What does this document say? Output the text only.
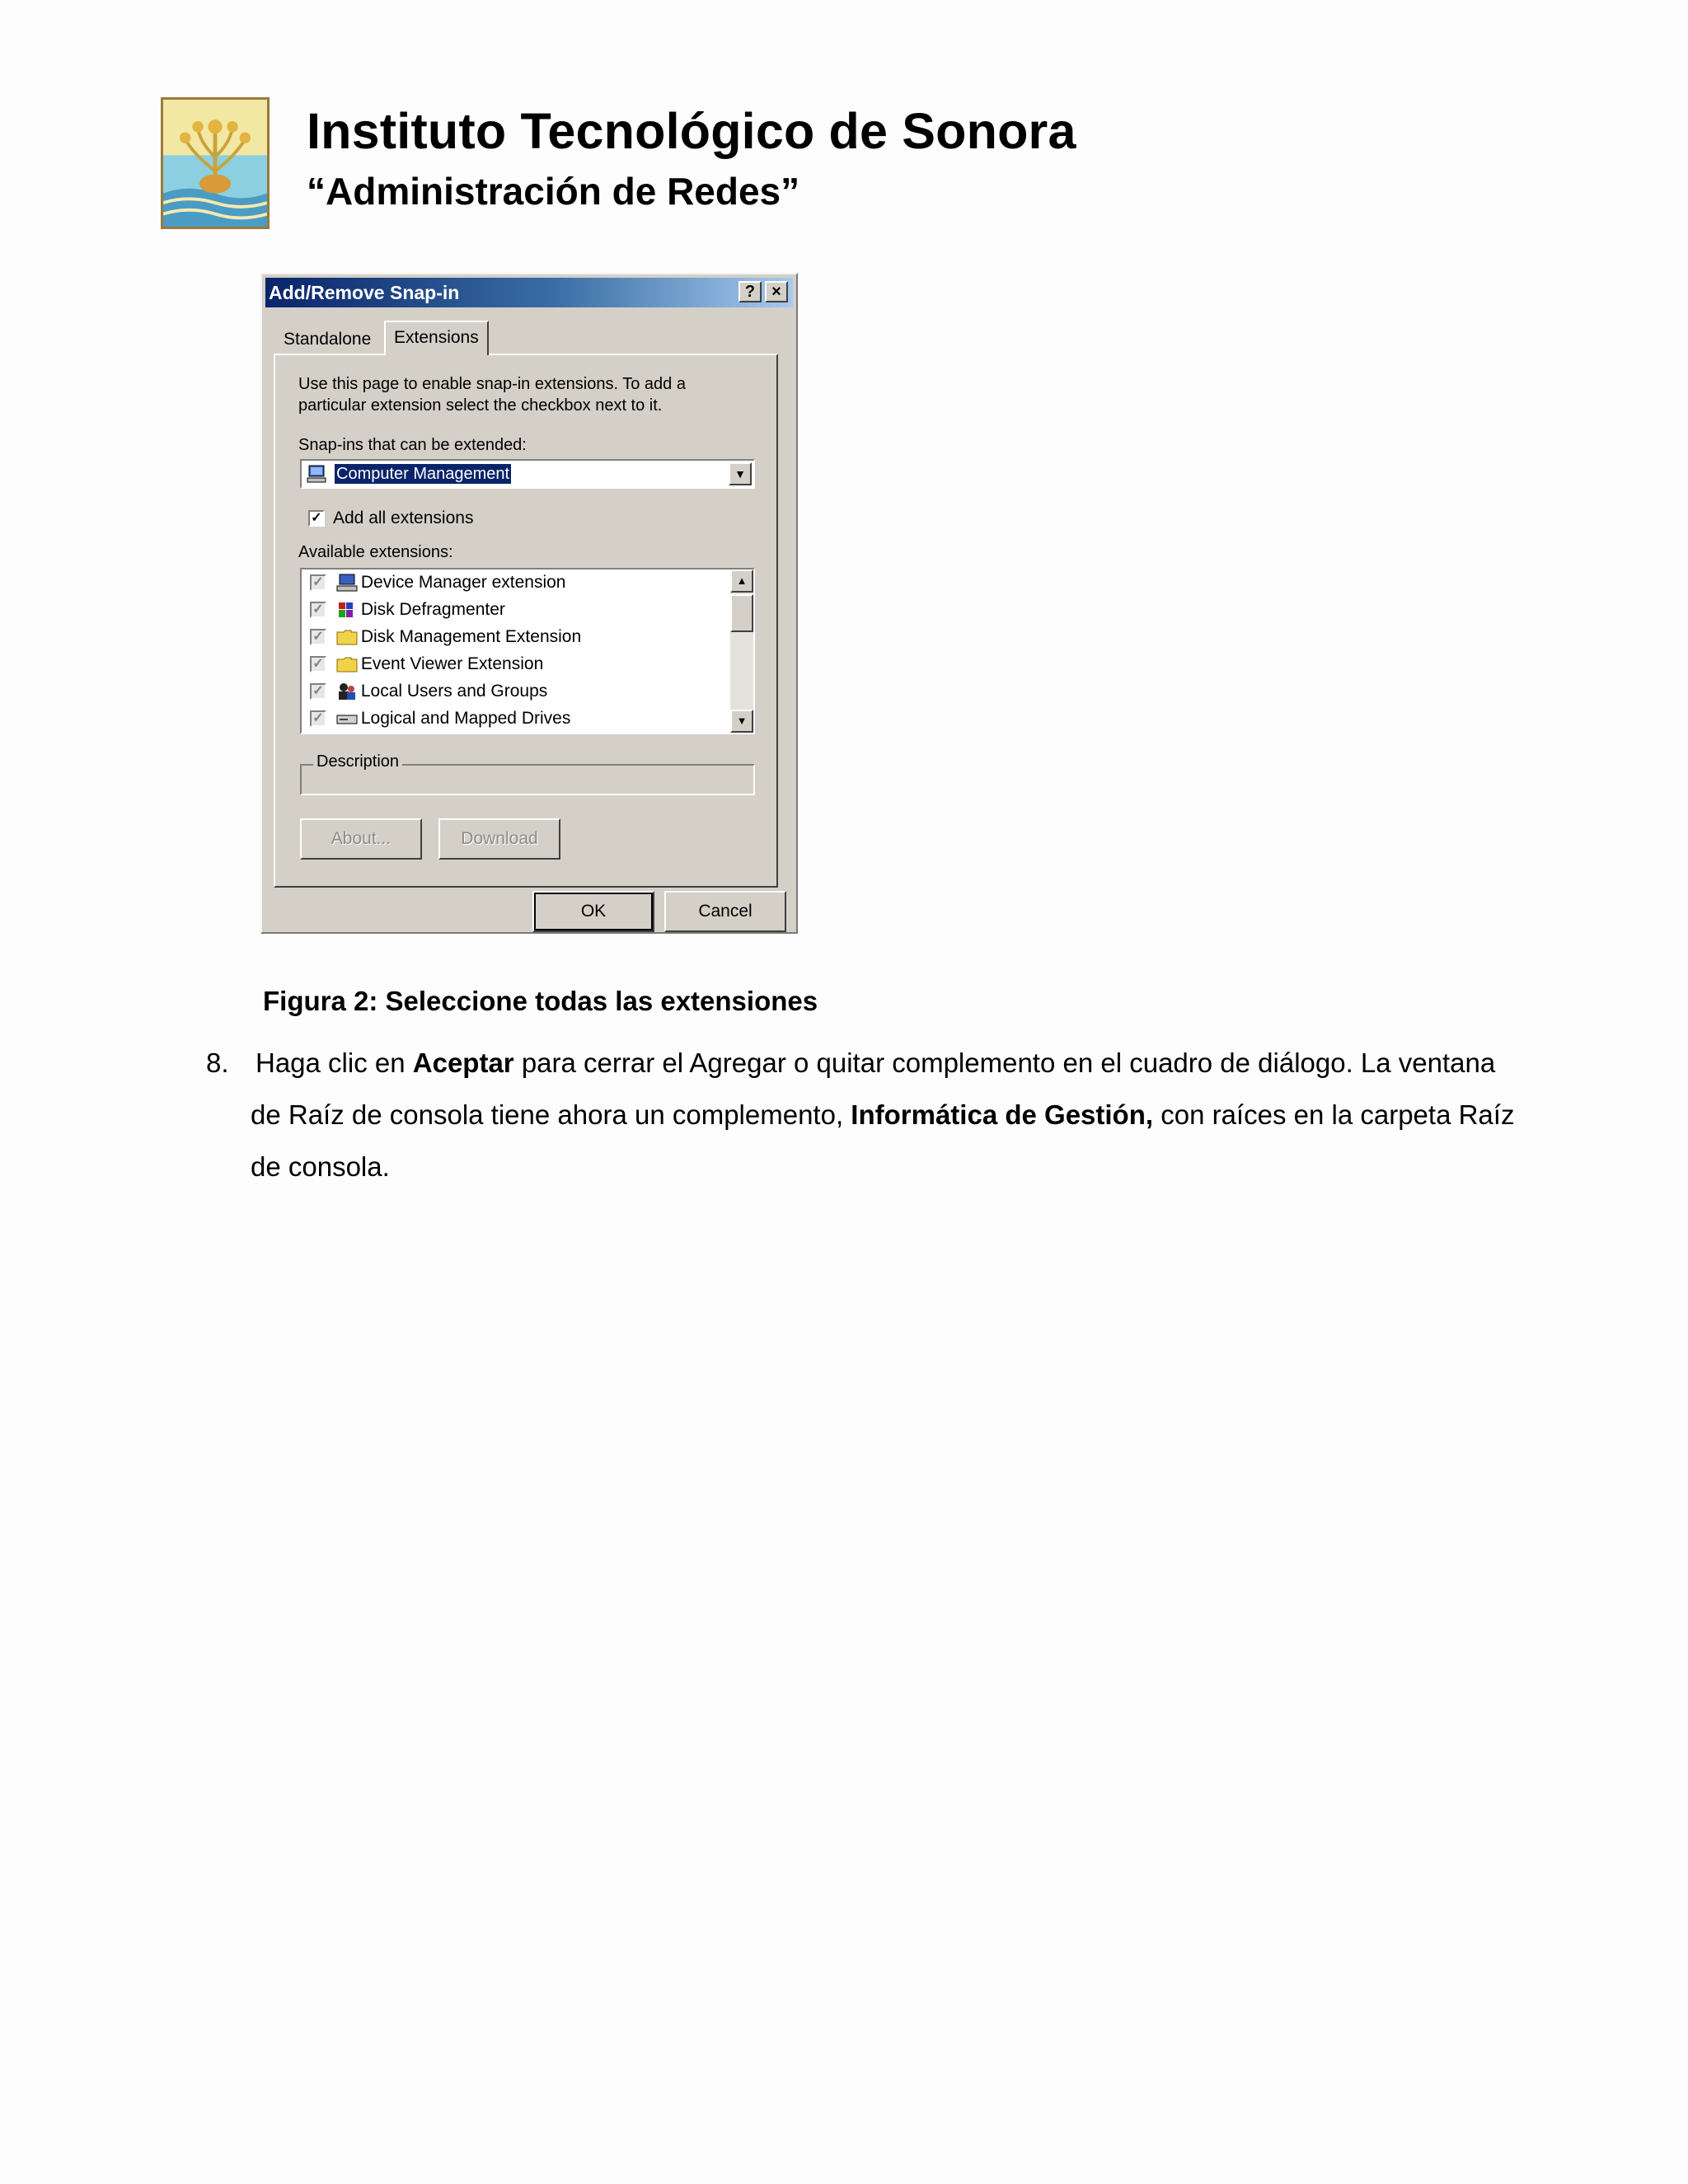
Instituto Tecnológico de Sonora
“Administración de Redes”
Add/Remove Snap-in	?	×
Standalone	Extensions
Use this page to enable snap-in extensions. To add a
particular extension select the checkbox next to it.
Snap-ins that can be extended:
Computer Management	▼
✓ Add all extensions
Available extensions:
✓ Device Manager extension
✓ Disk Defragmenter
✓ Disk Management Extension
✓ Event Viewer Extension
✓ Local Users and Groups
✓ Logical and Mapped Drives
▲
▼
Description
About...	Download
OK	Cancel
Figura 2: Seleccione todas las extensiones
8. Haga clic en Aceptar para cerrar el Agregar o quitar complemento en el cuadro de diálogo. La ventana

de Raíz de consola tiene ahora un complemento, Informática de Gestión, con raíces en la carpeta Raíz

de consola.
